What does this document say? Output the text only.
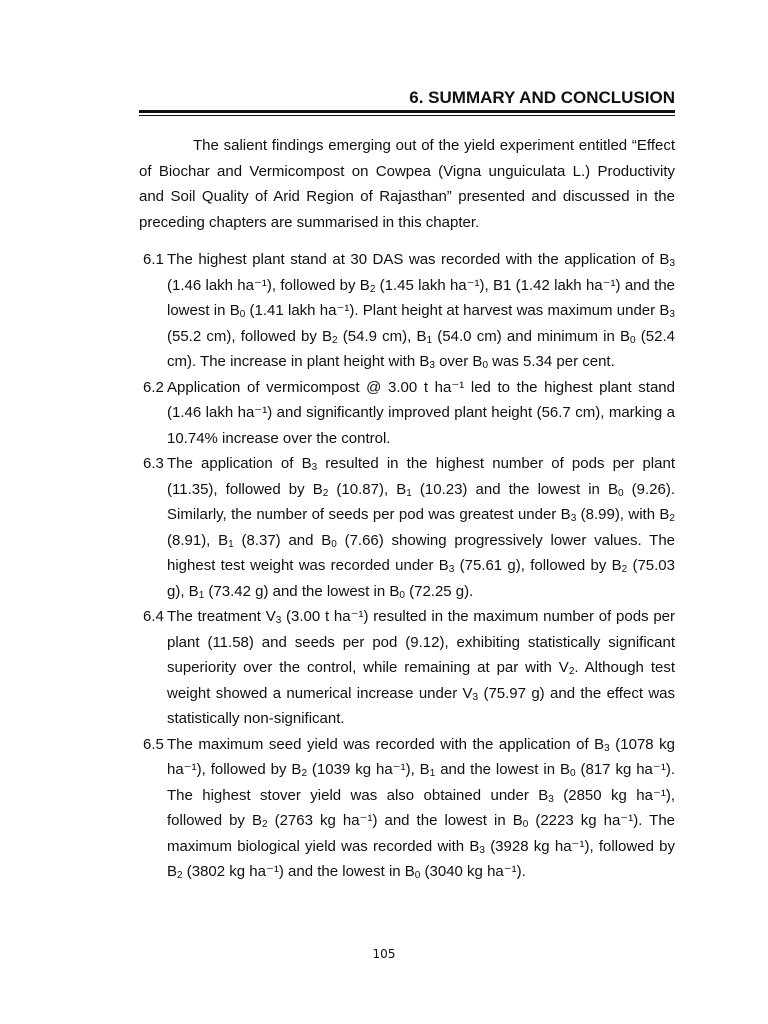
6. SUMMARY AND CONCLUSION

The salient findings emerging out of the yield experiment entitled “Effect of Biochar and Vermicompost on Cowpea (Vigna unguiculata L.) Productivity and Soil Quality of Arid Region of Rajasthan” presented and discussed in the preceding chapters are summarised in this chapter.

6.1 The highest plant stand at 30 DAS was recorded with the application of $B_3$ (1.46 lakh ha⁻¹), followed by $B_2$ (1.45 lakh ha⁻¹), B1 (1.42 lakh ha⁻¹) and the lowest in $B_0$ (1.41 lakh ha⁻¹). Plant height at harvest was maximum under $B_3$ (55.2 cm), followed by $B_2$ (54.9 cm), $B_1$ (54.0 cm) and minimum in $B_0$ (52.4 cm). The increase in plant height with $B_3$ over $B_0$ was 5.34 per cent.
6.2 Application of vermicompost @ 3.00 t ha⁻¹ led to the highest plant stand (1.46 lakh ha⁻¹) and significantly improved plant height (56.7 cm), marking a 10.74% increase over the control.
6.3 The application of $B_3$ resulted in the highest number of pods per plant (11.35), followed by $B_2$ (10.87), $B_1$ (10.23) and the lowest in $B_0$ (9.26). Similarly, the number of seeds per pod was greatest under $B_3$ (8.99), with $B_2$ (8.91), $B_1$ (8.37) and $B_0$ (7.66) showing progressively lower values. The highest test weight was recorded under $B_3$ (75.61 g), followed by $B_2$ (75.03 g), $B_1$ (73.42 g) and the lowest in $B_0$ (72.25 g).
6.4 The treatment $V_3$ (3.00 t ha⁻¹) resulted in the maximum number of pods per plant (11.58) and seeds per pod (9.12), exhibiting statistically significant superiority over the control, while remaining at par with $V_2$. Although test weight showed a numerical increase under $V_3$ (75.97 g) and the effect was statistically non-significant.
6.5 The maximum seed yield was recorded with the application of $B_3$ (1078 kg ha⁻¹), followed by $B_2$ (1039 kg ha⁻¹), $B_1$ and the lowest in $B_0$ (817 kg ha⁻¹). The highest stover yield was also obtained under $B_3$ (2850 kg ha⁻¹), followed by $B_2$ (2763 kg ha⁻¹) and the lowest in $B_0$ (2223 kg ha⁻¹). The maximum biological yield was recorded with $B_3$ (3928 kg ha⁻¹), followed by $B_2$ (3802 kg ha⁻¹) and the lowest in $B_0$ (3040 kg ha⁻¹).
105
